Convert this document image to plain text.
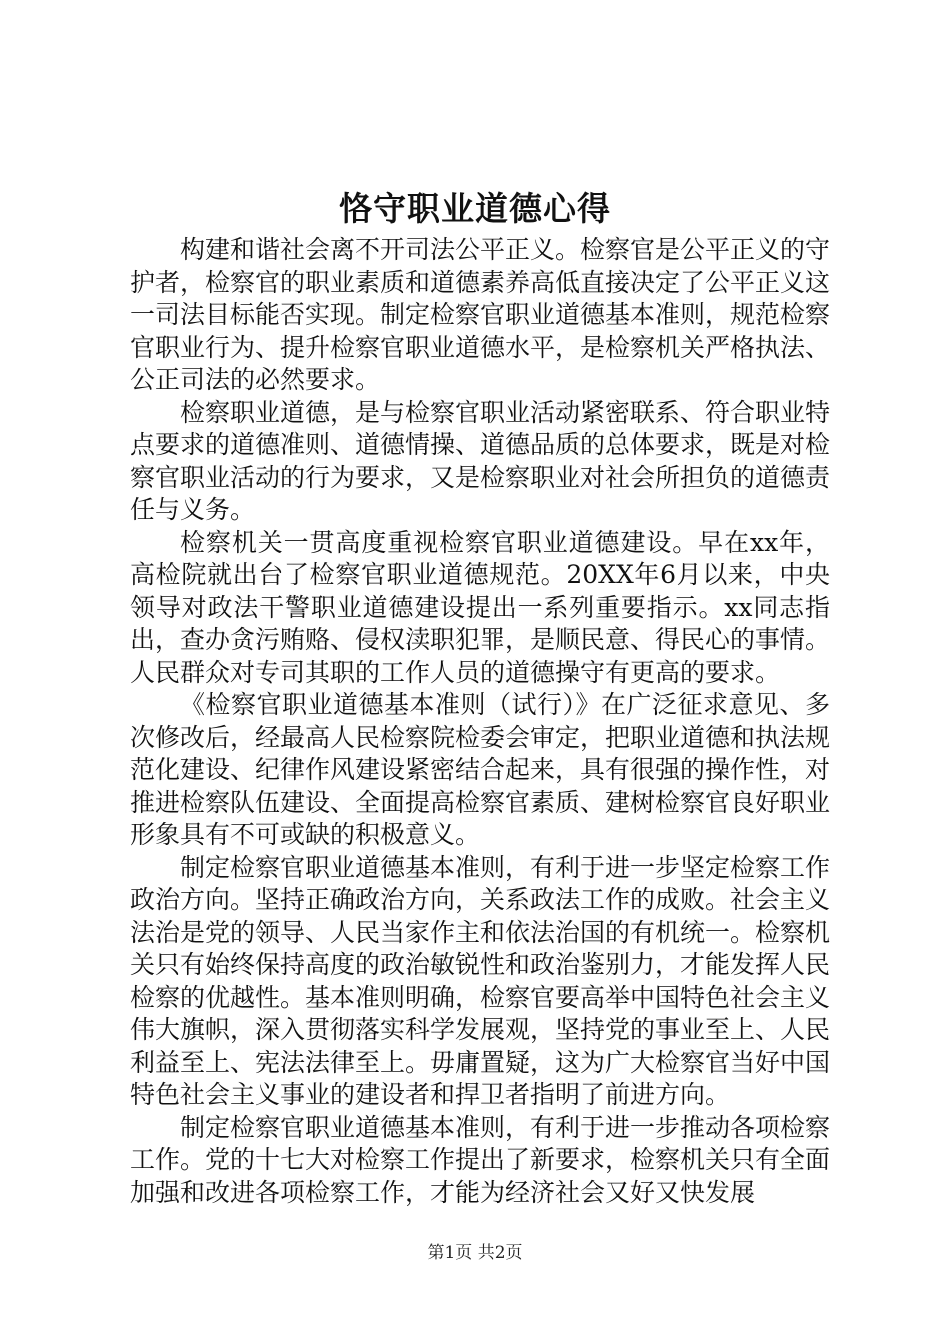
恪守职业道德心得

构建和谐社会离不开司法公平正义。检察官是公平正义的守护者，检察官的职业素质和道德素养高低直接决定了公平正义这一司法目标能否实现。制定检察官职业道德基本准则，规范检察官职业行为、提升检察官职业道德水平，是检察机关严格执法、公正司法的必然要求。

检察职业道德，是与检察官职业活动紧密联系、符合职业特点要求的道德准则、道德情操、道德品质的总体要求，既是对检察官职业活动的行为要求，又是检察职业对社会所担负的道德责任与义务。

检察机关一贯高度重视检察官职业道德建设。早在xx年，高检院就出台了检察官职业道德规范。20XX年6月以来，中央领导对政法干警职业道德建设提出一系列重要指示。xx同志指出，查办贪污贿赂、侵权渎职犯罪，是顺民意、得民心的事情。人民群众对专司其职的工作人员的道德操守有更高的要求。

《检察官职业道德基本准则（试行）》在广泛征求意见、多次修改后，经最高人民检察院检委会审定，把职业道德和执法规范化建设、纪律作风建设紧密结合起来，具有很强的操作性，对推进检察队伍建设、全面提高检察官素质、建树检察官良好职业形象具有不可或缺的积极意义。

制定检察官职业道德基本准则，有利于进一步坚定检察工作政治方向。坚持正确政治方向，关系政法工作的成败。社会主义法治是党的领导、人民当家作主和依法治国的有机统一。检察机关只有始终保持高度的政治敏锐性和政治鉴别力，才能发挥人民检察的优越性。基本准则明确，检察官要高举中国特色社会主义伟大旗帜，深入贯彻落实科学发展观，坚持党的事业至上、人民利益至上、宪法法律至上。毋庸置疑，这为广大检察官当好中国特色社会主义事业的建设者和捍卫者指明了前进方向。

制定检察官职业道德基本准则，有利于进一步推动各项检察工作。党的十七大对检察工作提出了新要求，检察机关只有全面加强和改进各项检察工作，才能为经济社会又好又快发展

第1页 共2页
